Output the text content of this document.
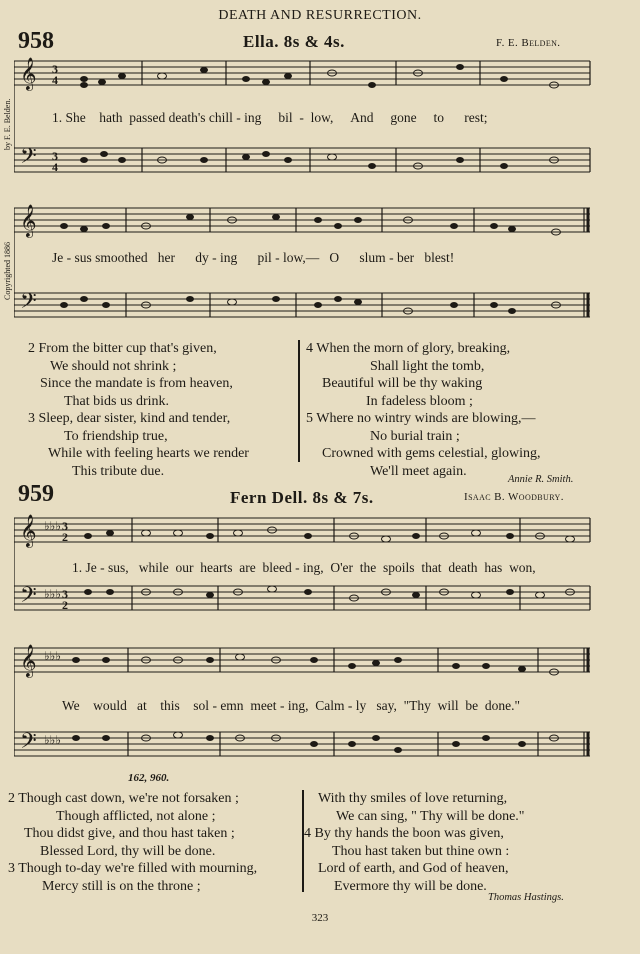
DEATH AND RESURRECTION.
958	Ella. 8s & 4s.	F. E. Belden.
by F. E. Belden.
Copyrighted 1886
𝄞
𝄢
3
4
3
4
1. She hath passed death's chill - ing bil - low, And gone to rest;
𝄞
𝄢
Je - sus smoothed her dy - ing pil - low,— O slum - ber blest!
2 From the bitter cup that's given,
We should not shrink ;
Since the mandate is from heaven,
That bids us drink.
3 Sleep, dear sister, kind and tender,
To friendship true,
While with feeling hearts we render
This tribute due.
4 When the morn of glory, breaking,
Shall light the tomb,
Beautiful will be thy waking
In fadeless bloom ;
5 Where no wintry winds are blowing,—
No burial train ;
Crowned with gems celestial, glowing,
We'll meet again.
Annie R. Smith.
959	Fern Dell. 8s & 7s.	Isaac B. Woodbury.
𝄞
𝄢
♭♭♭
♭♭♭
3
2
3
2
1. Je - sus, while our hearts are bleed - ing, O'er the spoils that death has won,
𝄞
𝄢
♭♭♭
♭♭♭
We would at this sol - emn meet - ing, Calm - ly say, "Thy will be done."
162, 960.
2 Though cast down, we're not forsaken ;
Though afflicted, not alone ;
Thou didst give, and thou hast taken ;
Blessed Lord, thy will be done.
3 Though to-day we're filled with mourning,
Mercy still is on the throne ;
With thy smiles of love returning,
We can sing, " Thy will be done."
4 By thy hands the boon was given,
Thou hast taken but thine own :
Lord of earth, and God of heaven,
Evermore thy will be done.
Thomas Hastings.
323
